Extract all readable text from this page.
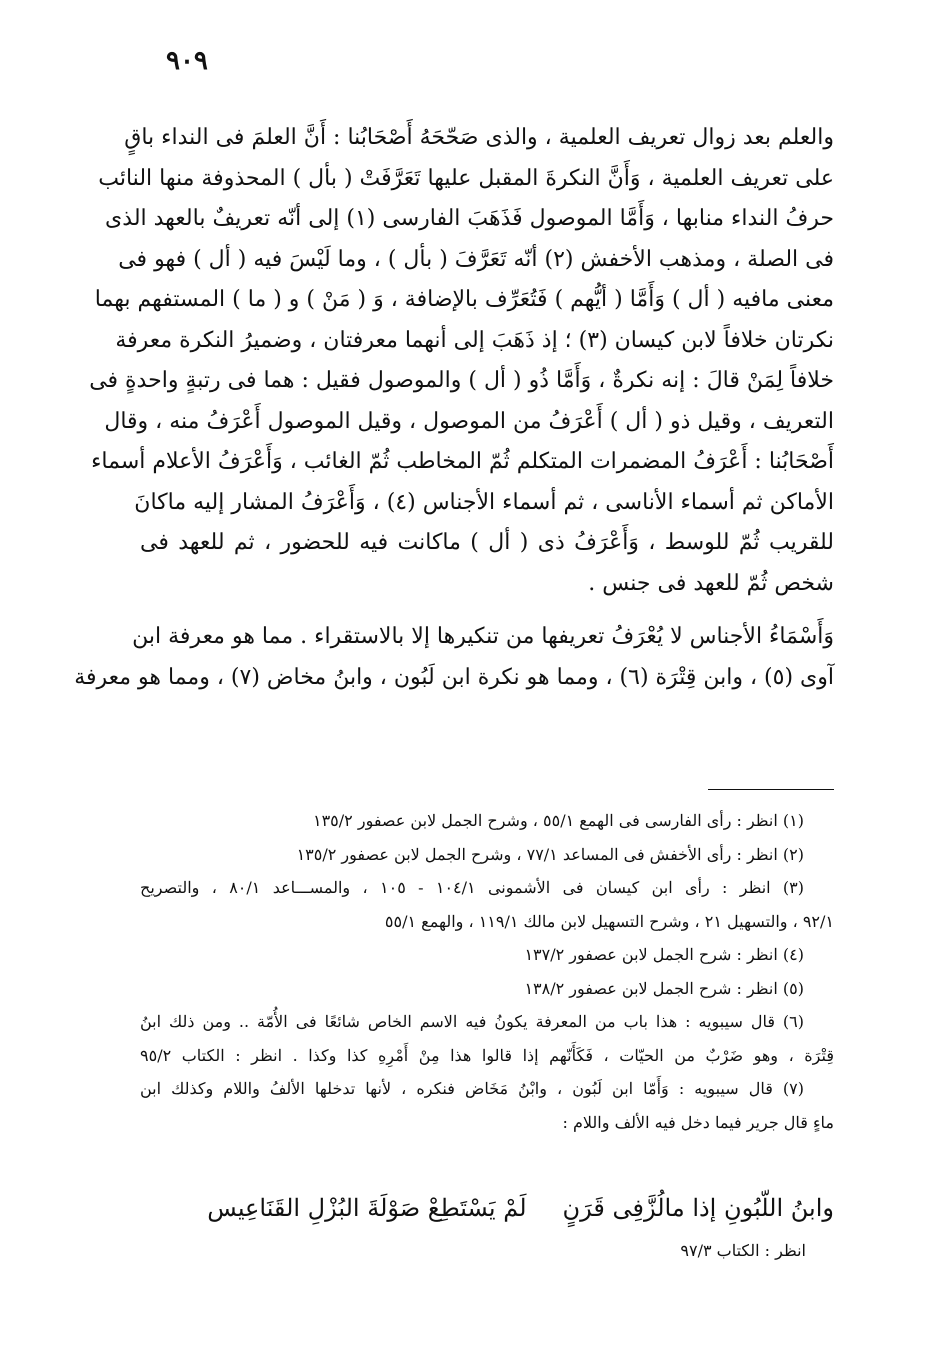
٩٠٩
والعلم بعد زوال تعريف العلمية ، والذى صَحّحَهُ أَصْحَابُنا : أَنَّ العلمَ فى النداء باقٍ
على تعريف العلمية ، وَأَنَّ النكرةَ المقبل عليها تَعَرَّفَتْ ( بأل ) المحذوفة منها النائب
حرفُ النداء منابها ، وَأَمَّا الموصول فَذَهَبَ الفارسى (١) إلى أنّه تعريفٌ بالعهد الذى
فى الصلة ، ومذهب الأخفش (٢) أنّه تَعَرَّفَ ( بأل ) ، وما لَيْسَ فيه ( أل ) فهو فى
معنى مافيه ( أل ) وَأَمَّا ( أيُّهم ) فَتُعَرِّف بالإضافة ، وَ ( مَنْ ) و ( ما ) المستفهم بهما
نكرتان خلافاً لابن كيسان (٣) ؛ إذ ذَهَبَ إلى أنهما معرفتان ، وضميرُ النكرة معرفة
خلافاً لِمَنْ قالَ : إنه نكرةٌ ، وَأَمَّا ذُو ( أل ) والموصول فقيل : هما فى رتبةٍ واحدةٍ فى
التعريف ، وقيل ذو ( أل ) أَعْرَفُ من الموصول ، وقيل الموصول أَعْرَفُ منه ، وقال
أَصْحَابُنا : أَعْرَفُ المضمرات المتكلم ثُمّ المخاطب ثُمّ الغائب ، وَأَعْرَفُ الأعلام أسماء
الأماكن ثم أسماء الأناسى ، ثم أسماء الأجناس (٤) ، وَأَعْرَفُ المشار إليه ماكانَ
للقريب ثُمّ للوسط ، وَأَعْرَفُ ذى ( أل ) ماكانت فيه للحضور ، ثم للعهد فى
شخص ثُمّ للعهد فى جنس .
وَأَسْمَاءُ الأجناس لا يُعْرَفُ تعريفها من تنكيرها إلا بالاستقراء . مما هو معرفة ابن
آوى (٥) ، وابن قِتْرَة (٦) ، ومما هو نكرة ابن لَبُون ، وابنُ مخاض (٧) ، ومما هو معرفة
(١) انظر : رأى الفارسى فى الهمع ٥٥/١ ، وشرح الجمل لابن عصفور ١٣٥/٢
(٢) انظر : رأى الأخفش فى المساعد ٧٧/١ ، وشرح الجمل لابن عصفور ١٣٥/٢
(٣) انظر : رأى ابن كيسان فى الأشمونى ١٠٤/١ - ١٠٥ ، والمســـاعد ٨٠/١ ، والتصريح
٩٢/١ ، والتسهيل ٢١ ، وشرح التسهيل لابن مالك ١١٩/١ ، والهمع ٥٥/١
(٤) انظر : شرح الجمل لابن عصفور ١٣٧/٢
(٥) انظر : شرح الجمل لابن عصفور ١٣٨/٢
(٦) قال سيبويه : هذا باب من المعرفة يكونُ فيه الاسم الخاص شائعًا فى الأُمّة .. ومن ذلك ابنُ
قِتْرَة ، وهو ضَرْبٌ من الحيّات ، فَكَأَنّهم إذا قالوا هذا مِنْ أَمْرِهِ كذا وكذا . انظر : الكتاب ٩٥/٢
(٧) قال سيبويه : وَأَمّا ابن لَبُون ، وابْنُ مَخَاض فنكره ، لأنها تدخلها الألفُ واللام وكذلك ابن
ماءٍ قال جرير فيما دخل فيه الألف واللام :
وابنُ اللّبُونِ إذا مالُزَّفِى قَرَنٍلَمْ يَسْتَطِعْ صَوْلَةَ البُزْلِ القَنَاعِيس
انظر : الكتاب ٩٧/٣
